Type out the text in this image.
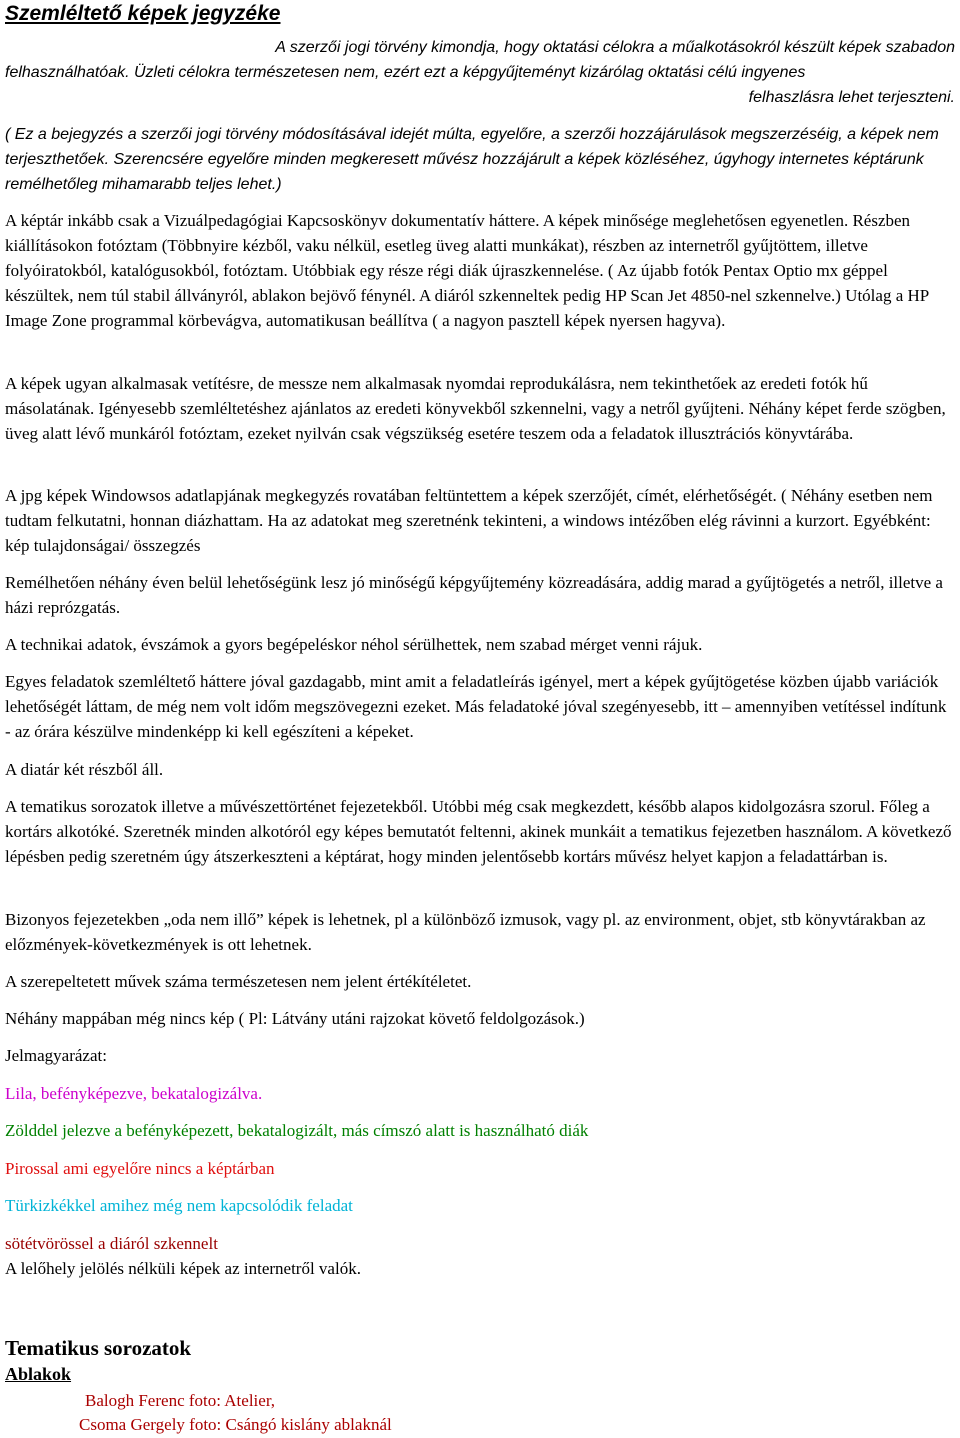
Szemléltető képek jegyzéke
A szerzői jogi törvény kimondja, hogy oktatási célokra a műalkotásokról készült képek szabadon
felhasználhatóak. Üzleti célokra természetesen nem, ezért ezt a képgyűjteményt kizárólag oktatási célú ingyenes
felhaszlásra lehet terjeszteni.

( Ez a bejegyzés a szerzői jogi törvény módosításával idejét múlta, egyelőre, a szerzői hozzájárulások megszerzéséig, a képek nem terjeszthetőek. Szerencsére egyelőre minden megkeresett művész hozzájárult a képek közléséhez, úgyhogy internetes képtárunk remélhetőleg mihamarabb teljes lehet.)

A képtár inkább csak a Vizuálpedagógiai Kapcsoskönyv dokumentatív háttere. A képek minősége meglehetősen egyenetlen. Részben kiállításokon fotóztam (Többnyire kézből, vaku nélkül, esetleg üveg alatti munkákat), részben az internetről gyűjtöttem, illetve folyóiratokból, katalógusokból, fotóztam. Utóbbiak egy része régi diák újraszkennelése. ( Az újabb fotók Pentax Optio mx géppel készültek, nem túl stabil állványról, ablakon bejövő fénynél. A diáról szkenneltek pedig HP Scan Jet 4850-nel szkennelve.) Utólag a HP Image Zone programmal körbevágva, automatikusan beállítva ( a nagyon pasztell képek nyersen hagyva).

A képek ugyan alkalmasak vetítésre, de messze nem alkalmasak nyomdai reprodukálásra, nem tekinthetőek az eredeti fotók hű másolatának. Igényesebb szemléltetéshez ajánlatos az eredeti könyvekből szkennelni, vagy a netről gyűjteni. Néhány képet ferde szögben, üveg alatt lévő munkáról fotóztam, ezeket nyilván csak végszükség esetére teszem oda a feladatok illusztrációs könyvtárába.

A jpg képek Windowsos adatlapjának megkegyzés rovatában feltüntettem a képek szerzőjét, címét, elérhetőségét. ( Néhány esetben nem tudtam felkutatni, honnan diázhattam. Ha az adatokat meg szeretnénk tekinteni, a windows intézőben elég rávinni a kurzort. Egyébként: kép tulajdonságai/ összegzés

Remélhetően néhány éven belül lehetőségünk lesz jó minőségű képgyűjtemény közreadására, addig marad a gyűjtögetés a netről, illetve a házi reprózgatás.

A technikai adatok, évszámok a gyors begépeléskor néhol sérülhettek, nem szabad mérget venni rájuk.

Egyes feladatok szemléltető háttere jóval gazdagabb, mint amit a feladatleírás igényel, mert a képek gyűjtögetése közben újabb variációk lehetőségét láttam, de még nem volt időm megszövegezni ezeket. Más feladatoké jóval szegényesebb, itt – amennyiben vetítéssel indítunk - az órára készülve mindenképp ki kell egészíteni a képeket.

A diatár két részből áll.

A tematikus sorozatok illetve a művészettörténet fejezetekből. Utóbbi még csak megkezdett, később alapos kidolgozásra szorul. Főleg a kortárs alkotóké. Szeretnék minden alkotóról egy képes bemutatót feltenni, akinek munkáit a tematikus fejezetben használom. A következő lépésben pedig szeretném úgy átszerkeszteni a képtárat, hogy minden jelentősebb kortárs művész helyet kapjon a feladattárban is.

Bizonyos fejezetekben „oda nem illő” képek is lehetnek, pl a különböző izmusok, vagy pl. az environment, objet, stb könyvtárakban az előzmények-következmények is ott lehetnek.

A szerepeltetett művek száma természetesen nem jelent értékítéletet.

Néhány mappában még nincs kép ( Pl: Látvány utáni rajzokat követő feldolgozások.)

Jelmagyarázat:

Lila, befényképezve, bekatalogizálva.
Zölddel jelezve a befényképezett, bekatalogizált, más címszó alatt is használható diák
Pirossal ami egyelőre nincs a képtárban
Türkizkékkel amihez még nem kapcsolódik feladat
sötétvörössel a diáról szkennelt
A lelőhely jelölés nélküli képek az internetről valók.
Tematikus sorozatok
Ablakok
Balogh Ferenc foto: Atelier,
Csoma Gergely foto: Csángó kislány ablaknál
